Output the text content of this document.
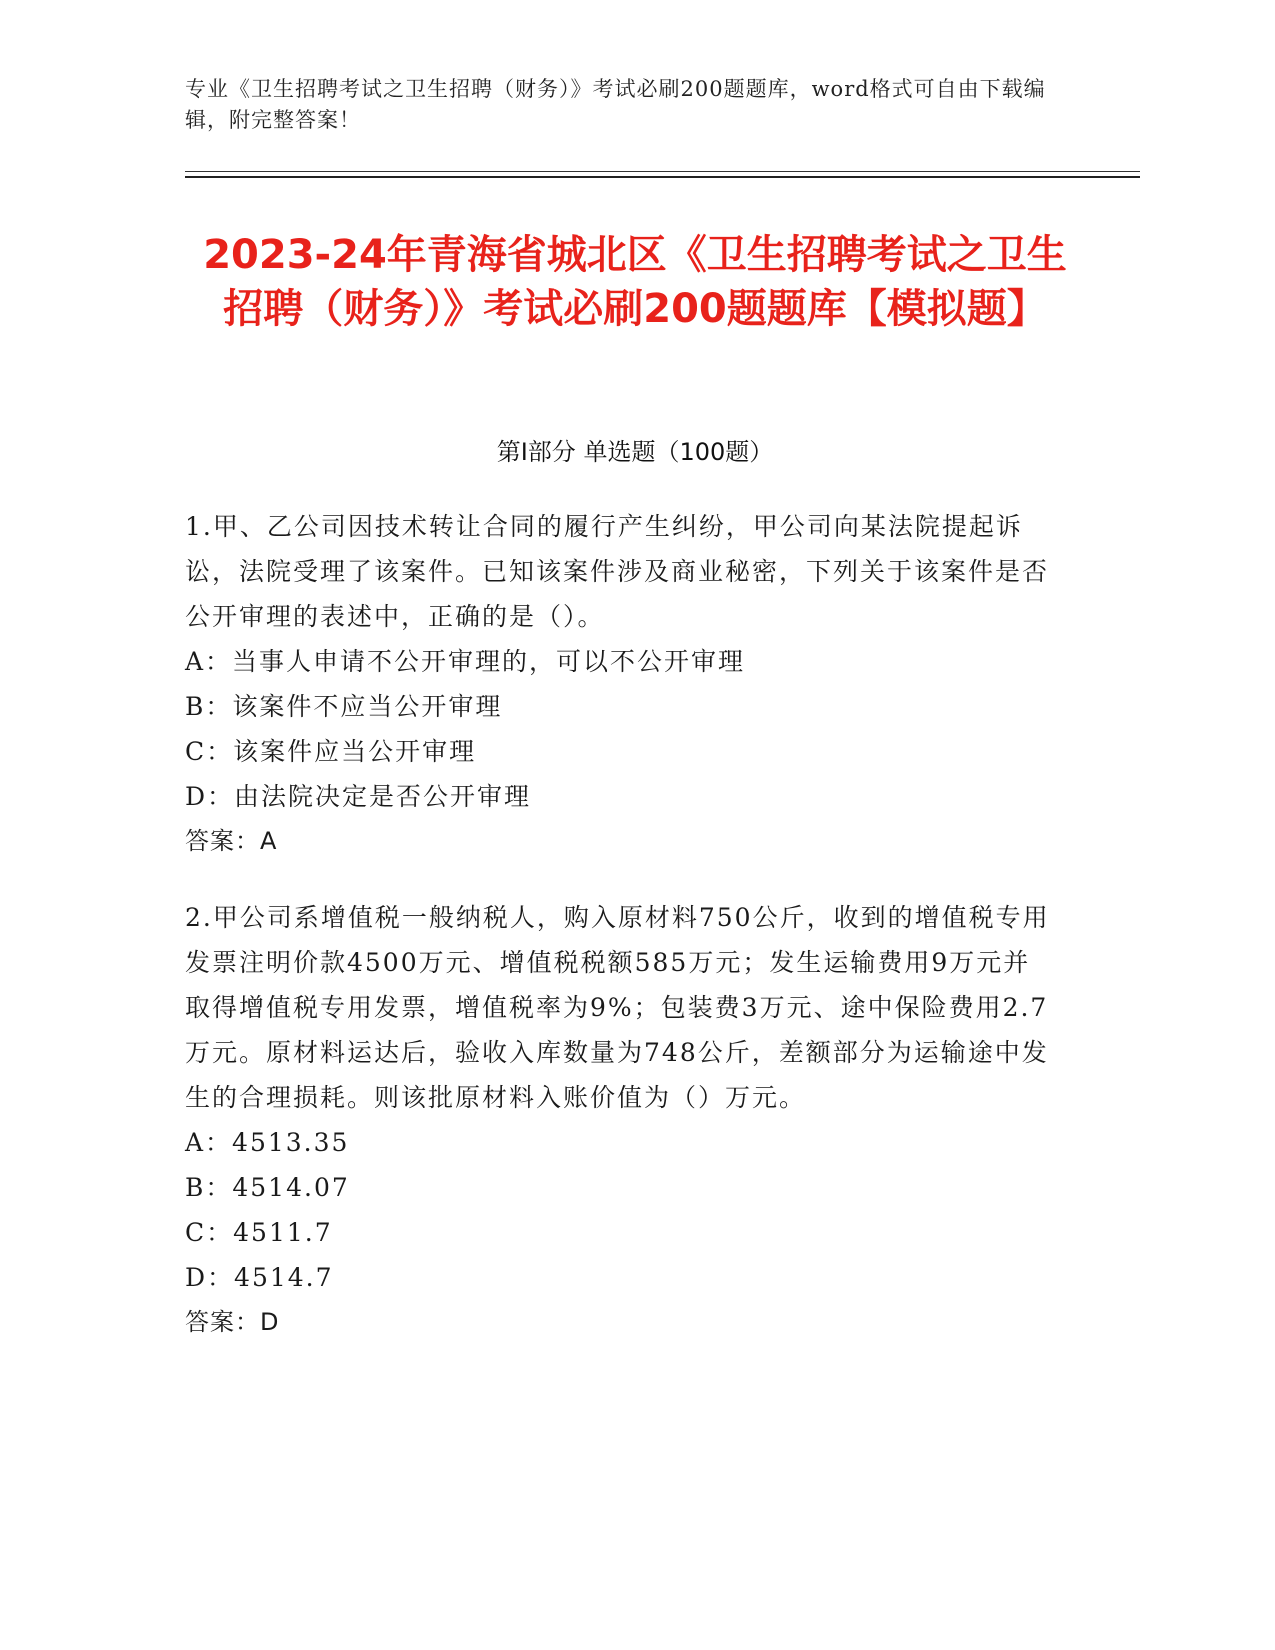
专业《卫生招聘考试之卫生招聘（财务）》考试必刷200题题库，word格式可自由下载编辑，附完整答案！
2023-24年青海省城北区《卫生招聘考试之卫生招聘（财务）》考试必刷200题题库【模拟题】
第Ⅰ部分 单选题（100题）
1.甲、乙公司因技术转让合同的履行产生纠纷，甲公司向某法院提起诉讼，法院受理了该案件。已知该案件涉及商业秘密，下列关于该案件是否公开审理的表述中，正确的是（）。
A：当事人申请不公开审理的，可以不公开审理
B：该案件不应当公开审理
C：该案件应当公开审理
D：由法院决定是否公开审理
答案：A
2.甲公司系增值税一般纳税人，购入原材料750公斤，收到的增值税专用发票注明价款4500万元、增值税税额585万元；发生运输费用9万元并取得增值税专用发票，增值税率为9%；包装费3万元、途中保险费用2.7万元。原材料运达后，验收入库数量为748公斤，差额部分为运输途中发生的合理损耗。则该批原材料入账价值为（）万元。
A：4513.35
B：4514.07
C：4511.7
D：4514.7
答案：D
